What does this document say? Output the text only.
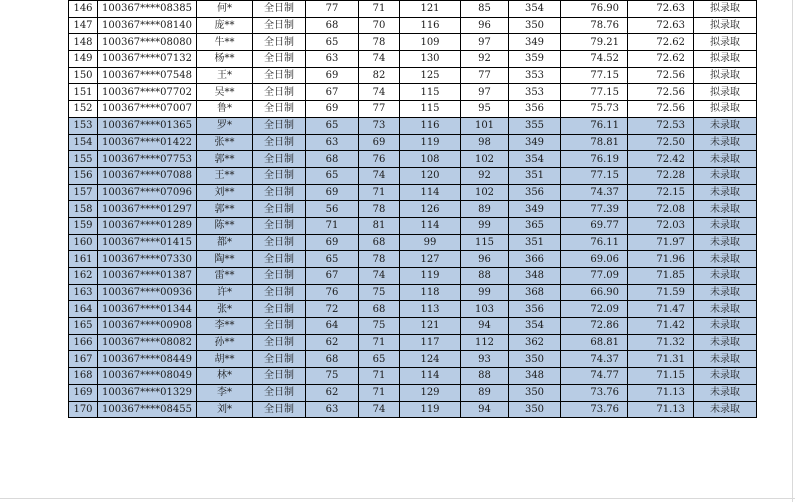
146	100367****08385	何*	全日制	77	71	121	85	354	76.90	72.63	拟录取
147	100367****08140	庞**	全日制	68	70	116	96	350	78.76	72.63	拟录取
148	100367****08080	牛**	全日制	65	78	109	97	349	79.21	72.62	拟录取
149	100367****07132	杨**	全日制	63	74	130	92	359	74.52	72.62	拟录取
150	100367****07548	王*	全日制	69	82	125	77	353	77.15	72.56	拟录取
151	100367****07702	吴**	全日制	67	74	115	97	353	77.15	72.56	拟录取
152	100367****07007	鲁*	全日制	69	77	115	95	356	75.73	72.56	拟录取
153	100367****01365	罗*	全日制	65	73	116	101	355	76.11	72.53	未录取
154	100367****01422	张**	全日制	63	69	119	98	349	78.81	72.50	未录取
155	100367****07753	郭**	全日制	68	76	108	102	354	76.19	72.42	未录取
156	100367****07088	王**	全日制	65	74	120	92	351	77.15	72.28	未录取
157	100367****07096	刘**	全日制	69	71	114	102	356	74.37	72.15	未录取
158	100367****01297	郭**	全日制	56	78	126	89	349	77.39	72.08	未录取
159	100367****01289	陈**	全日制	71	81	114	99	365	69.77	72.03	未录取
160	100367****01415	都*	全日制	69	68	99	115	351	76.11	71.97	未录取
161	100367****07330	陶**	全日制	65	78	127	96	366	69.06	71.96	未录取
162	100367****01387	雷**	全日制	67	74	119	88	348	77.09	71.85	未录取
163	100367****00936	许*	全日制	76	75	118	99	368	66.90	71.59	未录取
164	100367****01344	张*	全日制	72	68	113	103	356	72.09	71.47	未录取
165	100367****00908	李**	全日制	64	75	121	94	354	72.86	71.42	未录取
166	100367****08082	孙**	全日制	62	71	117	112	362	68.81	71.32	未录取
167	100367****08449	胡**	全日制	68	65	124	93	350	74.37	71.31	未录取
168	100367****08049	林*	全日制	75	71	114	88	348	74.77	71.15	未录取
169	100367****01329	李*	全日制	62	71	129	89	350	73.76	71.13	未录取
170	100367****08455	刘*	全日制	63	74	119	94	350	73.76	71.13	未录取
